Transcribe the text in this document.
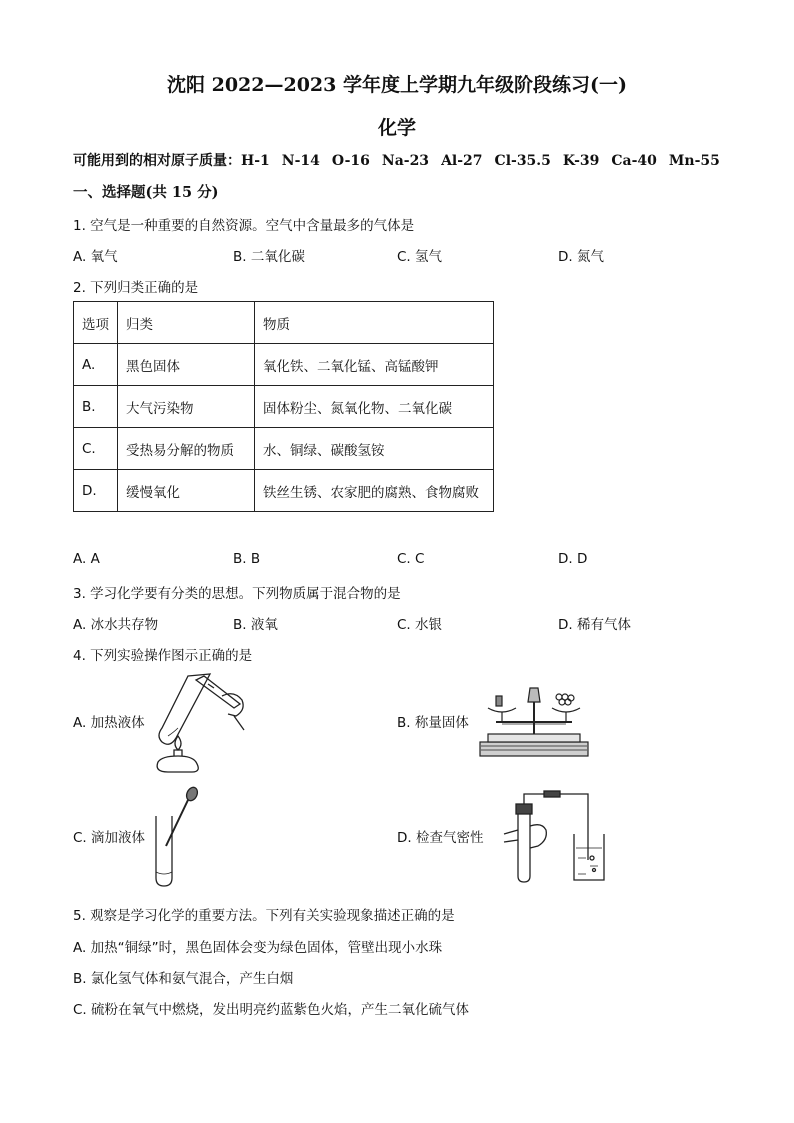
沈阳 2022—2023 学年度上学期九年级阶段练习(一)
化学
可能用到的相对原子质量：H-1 N-14 O-16 Na-23 Al-27 Cl-35.5 K-39 Ca-40 Mn-55
一、选择题(共 15 分)
1. 空气是一种重要的自然资源。空气中含量最多的气体是
A. 氧气	B. 二氧化碳	C. 氢气	D. 氮气
2. 下列归类正确的是
选项	归类	物质
A.	黑色固体	氧化铁、二氧化锰、高锰酸钾
B.	大气污染物	固体粉尘、氮氧化物、二氧化碳
C.	受热易分解的物质	水、铜绿、碳酸氢铵
D.	缓慢氧化	铁丝生锈、农家肥的腐熟、食物腐败
A. A	B. B	C. C	D. D
3. 学习化学要有分类的思想。下列物质属于混合物的是
A. 冰水共存物	B. 液氧	C. 水银	D. 稀有气体
4. 下列实验操作图示正确的是
A. 加热液体	B. 称量固体
C. 滴加液体	D. 检查气密性
5. 观察是学习化学的重要方法。下列有关实验现象描述正确的是
A. 加热“铜绿”时，黑色固体会变为绿色固体，管壁出现小水珠
B. 氯化氢气体和氨气混合，产生白烟
C. 硫粉在氧气中燃烧，发出明亮约蓝紫色火焰，产生二氧化硫气体
